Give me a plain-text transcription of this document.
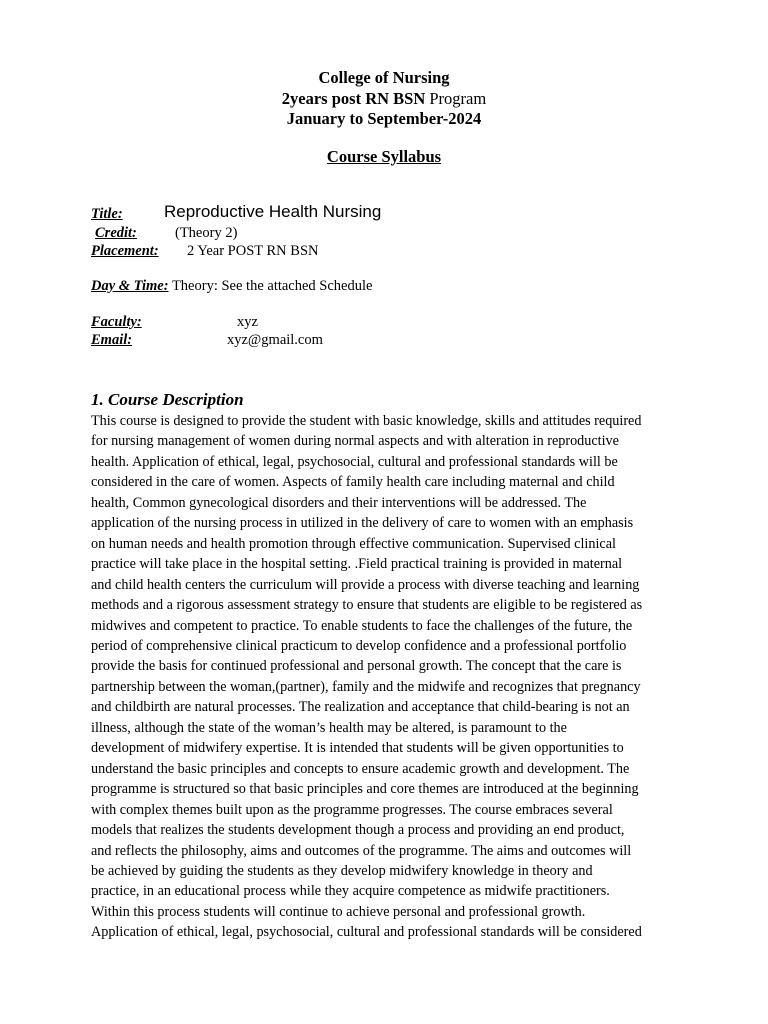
College of Nursing
2years post RN BSN Program
January to September-2024
Course Syllabus
Title: Reproductive Health Nursing
Credit:	(Theory 2)
Placement: 2 Year POST RN BSN
Day & Time: Theory: See the attached Schedule
Faculty:	xyz
Email:	xyz@gmail.com
1. Course Description
This course is designed to provide the student with basic knowledge, skills and attitudes required
for nursing management of women during normal aspects and with alteration in reproductive
health. Application of ethical, legal, psychosocial, cultural and professional standards will be
considered in the care of women. Aspects of family health care including maternal and child
health, Common gynecological disorders and their interventions will be addressed. The
application of the nursing process in utilized in the delivery of care to women with an emphasis
on human needs and health promotion through effective communication. Supervised clinical
practice will take place in the hospital setting. .Field practical training is provided in maternal
and child health centers the curriculum will provide a process with diverse teaching and learning
methods and a rigorous assessment strategy to ensure that students are eligible to be registered as
midwives and competent to practice. To enable students to face the challenges of the future, the
period of comprehensive clinical practicum to develop confidence and a professional portfolio
provide the basis for continued professional and personal growth. The concept that the care is
partnership between the woman,(partner), family and the midwife and recognizes that pregnancy
and childbirth are natural processes. The realization and acceptance that child-bearing is not an
illness, although the state of the woman’s health may be altered, is paramount to the
development of midwifery expertise. It is intended that students will be given opportunities to
understand the basic principles and concepts to ensure academic growth and development. The
programme is structured so that basic principles and core themes are introduced at the beginning
with complex themes built upon as the programme progresses. The course embraces several
models that realizes the students development though a process and providing an end product,
and reflects the philosophy, aims and outcomes of the programme. The aims and outcomes will
be achieved by guiding the students as they develop midwifery knowledge in theory and
practice, in an educational process while they acquire competence as midwife practitioners.
Within this process students will continue to achieve personal and professional growth.
Application of ethical, legal, psychosocial, cultural and professional standards will be considered
